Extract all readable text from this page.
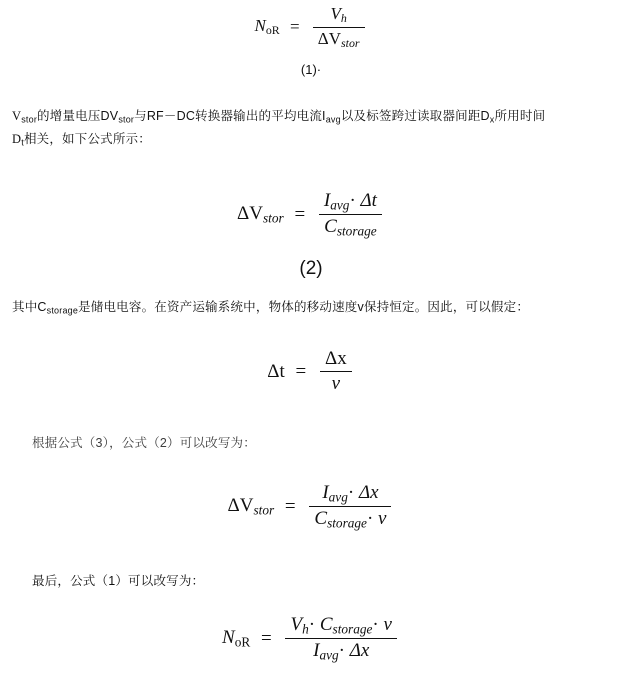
NoR = $\frac{Vh}{\text{ΔVstor}}$
(1)·
$V_{stor}$的增量电压$DV_{stor}$与RF－DC转换器输出的平均电流$I_{avg}$以及标签跨过读取器间距$D_x$所用时间
$D_t$相关，如下公式所示：
ΔVstor = $\frac{\text{Iavg· Δt}}{\text{Cstorage}}$
(2)
其中$C_{storage}$是储电电容。在资产运输系统中，物体的移动速度v保持恒定。因此，可以假定：
$\Delta t = \frac{\Delta x}{v}$
根据公式（3），公式（2）可以改写为：
ΔVstor = $\frac{\text{Iavg· Δx}}{\text{Cstorage· v}}$
最后，公式（1）可以改写为：
NoR = $\frac{\text{Vh· Cstorage· v}}{\text{Iavg· Δx}}$
